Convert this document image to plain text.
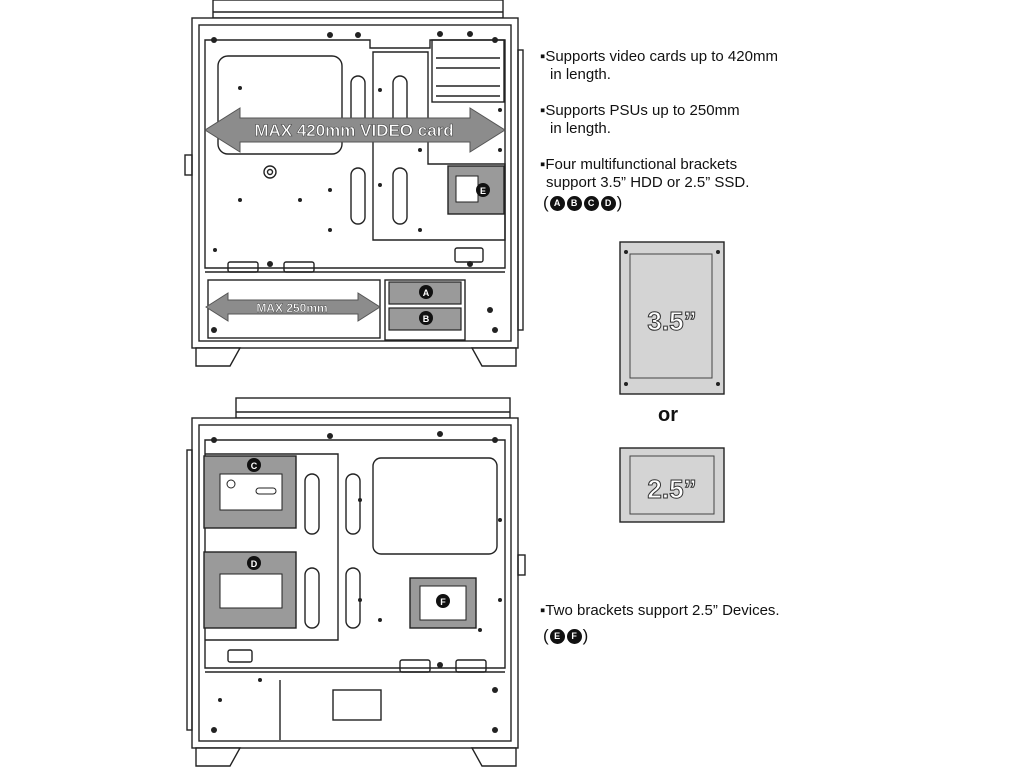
E
A
B
MAX 420mm VIDEO card
MAX 250mm
C
D
F
3.5”
2.5”
▪Supports video cards up to 420mm
in length.
▪Supports PSUs up to 250mm
in length.
▪Four multifunctional brackets
support 3.5” HDD or 2.5” SSD.
( A B C D )
or
▪Two brackets support 2.5” Devices.
( E F )
